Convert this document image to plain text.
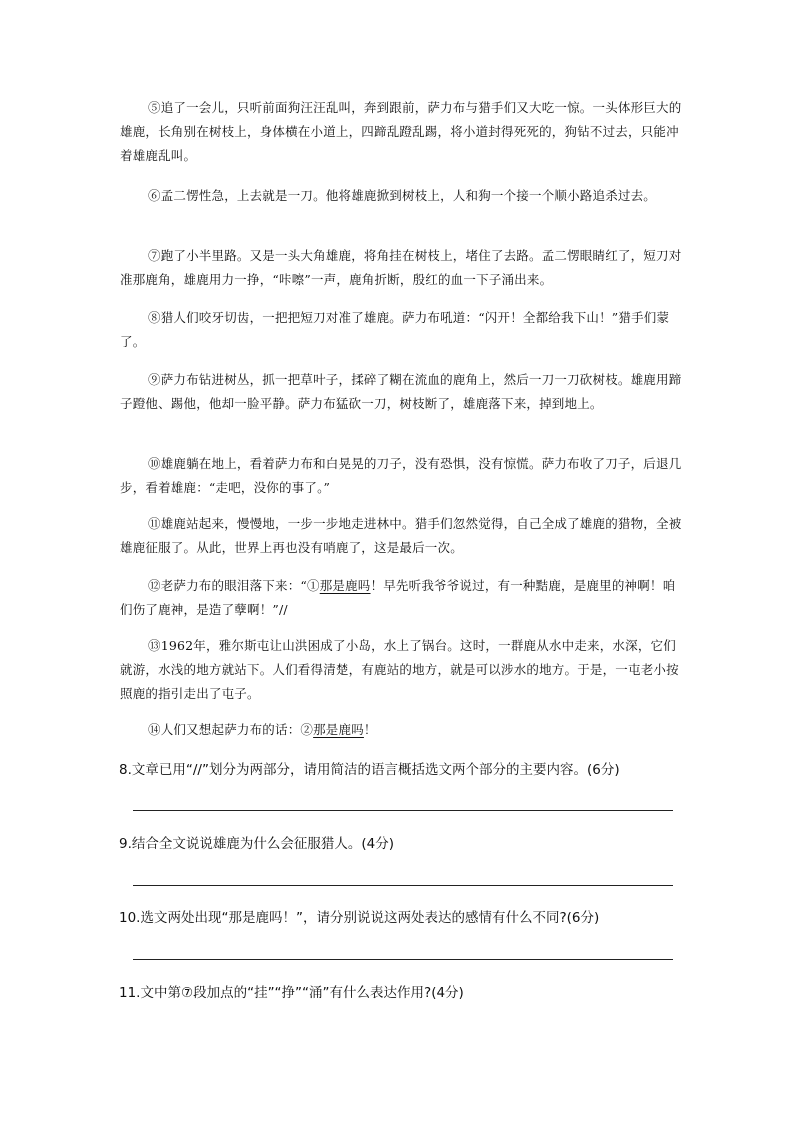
⑤追了一会儿，只听前面狗汪汪乱叫，奔到跟前，萨力布与猎手们又大吃一惊。一头体形巨大的雄鹿，长角别在树枝上，身体横在小道上，四蹄乱蹬乱踢，将小道封得死死的，狗钻不过去，只能冲着雄鹿乱叫。

⑥孟二愣性急，上去就是一刀。他将雄鹿掀到树枝上，人和狗一个接一个顺小路追杀过去。

⑦跑了小半里路。又是一头大角雄鹿，将角挂在树枝上，堵住了去路。孟二愣眼睛红了，短刀对准那鹿角，雄鹿用力一挣，“咔嚓”一声，鹿角折断，殷红的血一下子涌出来。

⑧猎人们咬牙切齿，一把把短刀对准了雄鹿。萨力布吼道：“闪开！全都给我下山！”猎手们蒙了。

⑨萨力布钻进树丛，抓一把草叶子，揉碎了糊在流血的鹿角上，然后一刀一刀砍树枝。雄鹿用蹄子蹬他、踢他，他却一脸平静。萨力布猛砍一刀，树枝断了，雄鹿落下来，掉到地上。

⑩雄鹿躺在地上，看着萨力布和白晃晃的刀子，没有恐惧，没有惊慌。萨力布收了刀子，后退几步，看着雄鹿：“走吧，没你的事了。”

⑪雄鹿站起来，慢慢地，一步一步地走进林中。猎手们忽然觉得，自己全成了雄鹿的猎物，全被雄鹿征服了。从此，世界上再也没有哨鹿了，这是最后一次。

⑫老萨力布的眼泪落下来：“①那是鹿吗！早先听我爷爷说过，有一种黠鹿，是鹿里的神啊！咱们伤了鹿神，是造了孽啊！”//

⑬1962年，雅尔斯屯让山洪困成了小岛，水上了锅台。这时，一群鹿从水中走来，水深，它们就游，水浅的地方就站下。人们看得清楚，有鹿站的地方，就是可以涉水的地方。于是，一屯老小按照鹿的指引走出了屯子。

⑭人们又想起萨力布的话：②那是鹿吗！

8.文章已用“//”划分为两部分，请用简洁的语言概括选文两个部分的主要内容。(6分)

9.结合全文说说雄鹿为什么会征服猎人。(4分)

10.选文两处出现“那是鹿吗！”，请分别说说这两处表达的感情有什么不同?(6分)

11.文中第⑦段加点的“挂”“挣”“涌”有什么表达作用?(4分)
